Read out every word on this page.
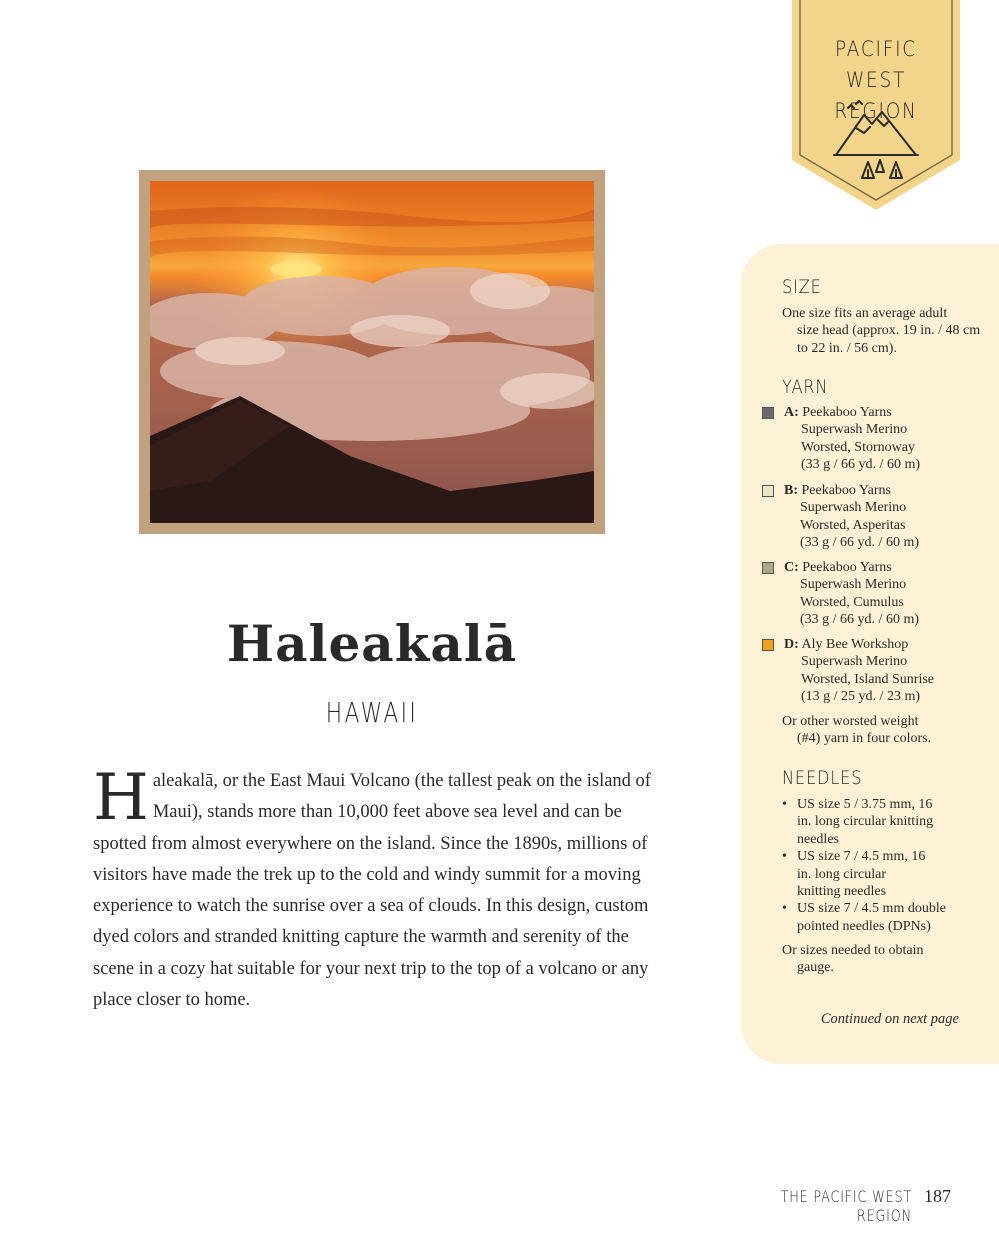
PACIFIC
WEST REGION
Haleakalā
HAWAII
H aleakalā, or the East Maui Volcano (the tallest peak on the island of Maui), stands more than 10,000 feet above sea level and can be spotted from almost everywhere on the island. Since the 1890s, millions of visitors have made the trek up to the cold and windy summit for a moving experience to watch the sunrise over a sea of clouds. In this design, custom dyed colors and stranded knitting capture the warmth and serenity of the scene in a cozy hat suitable for your next trip to the top of a volcano or any place closer to home.
SIZE
One size fits an average adult
size head (approx. 19 in. / 48 cm to 22 in. / 56 cm).
YARN
A: Peekaboo Yarns
Superwash Merino
Worsted, Stornoway
(33 g / 66 yd. / 60 m)
B: Peekaboo Yarns
Superwash Merino
Worsted, Asperitas
(33 g / 66 yd. / 60 m)
C: Peekaboo Yarns
Superwash Merino
Worsted, Cumulus
(33 g / 66 yd. / 60 m)
D: Aly Bee Workshop
Superwash Merino
Worsted, Island Sunrise
(13 g / 25 yd. / 23 m)
Or other worsted weight
(#4) yarn in four colors.
NEEDLES
• US size 5 / 3.75 mm, 16 in. long circular knitting needles
• US size 7 / 4.5 mm, 16 in. long circular knitting needles
• US size 7 / 4.5 mm double pointed needles (DPNs)
Or sizes needed to obtain
gauge.
Continued on next page
THE PACIFIC WEST REGION
187
